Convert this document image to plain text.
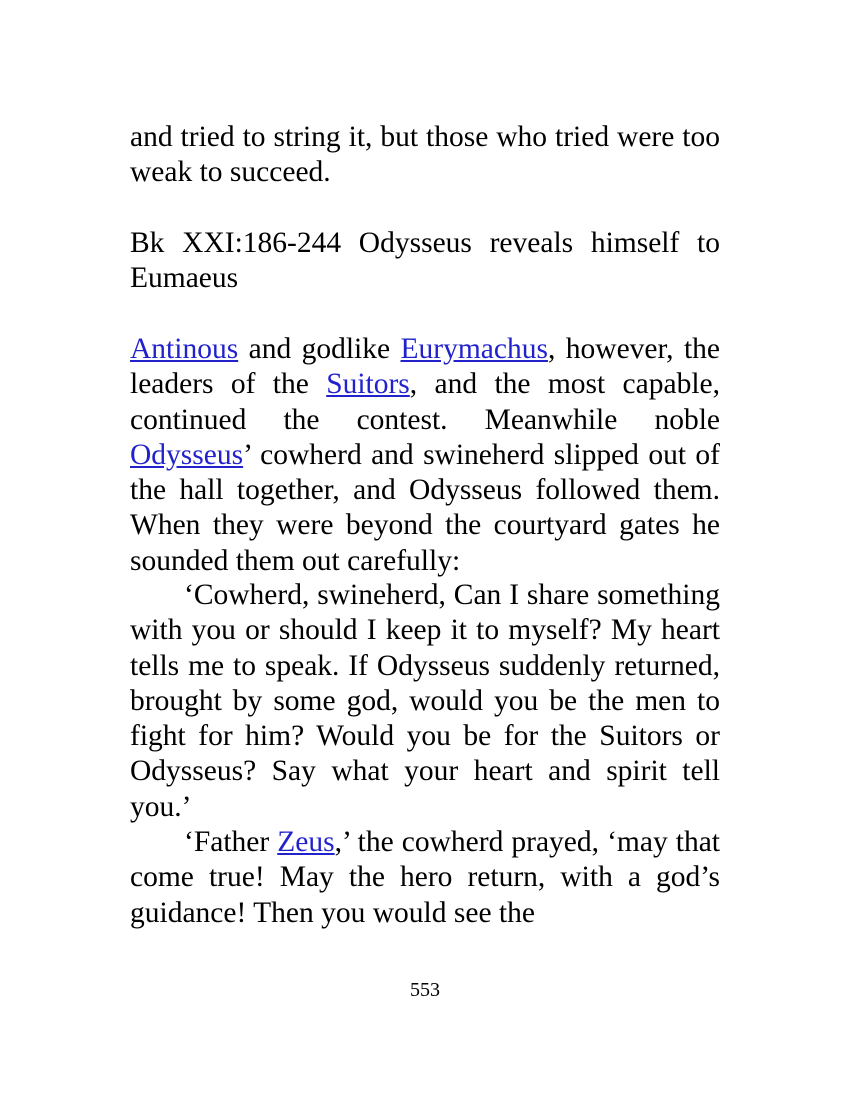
and tried to string it, but those who tried were too weak to succeed.

Bk XXI:186-244 Odysseus reveals himself to Eumaeus

Antinous and godlike Eurymachus, however, the leaders of the Suitors, and the most capable, continued the contest. Meanwhile noble Odysseus’ cowherd and swineherd slipped out of the hall together, and Odysseus followed them. When they were beyond the courtyard gates he sounded them out carefully:

‘Cowherd, swineherd, Can I share something with you or should I keep it to myself? My heart tells me to speak. If Odysseus suddenly returned, brought by some god, would you be the men to fight for him? Would you be for the Suitors or Odysseus? Say what your heart and spirit tell you.’

‘Father Zeus,’ the cowherd prayed, ‘may that come true! May the hero return, with a god’s guidance! Then you would see the

553
